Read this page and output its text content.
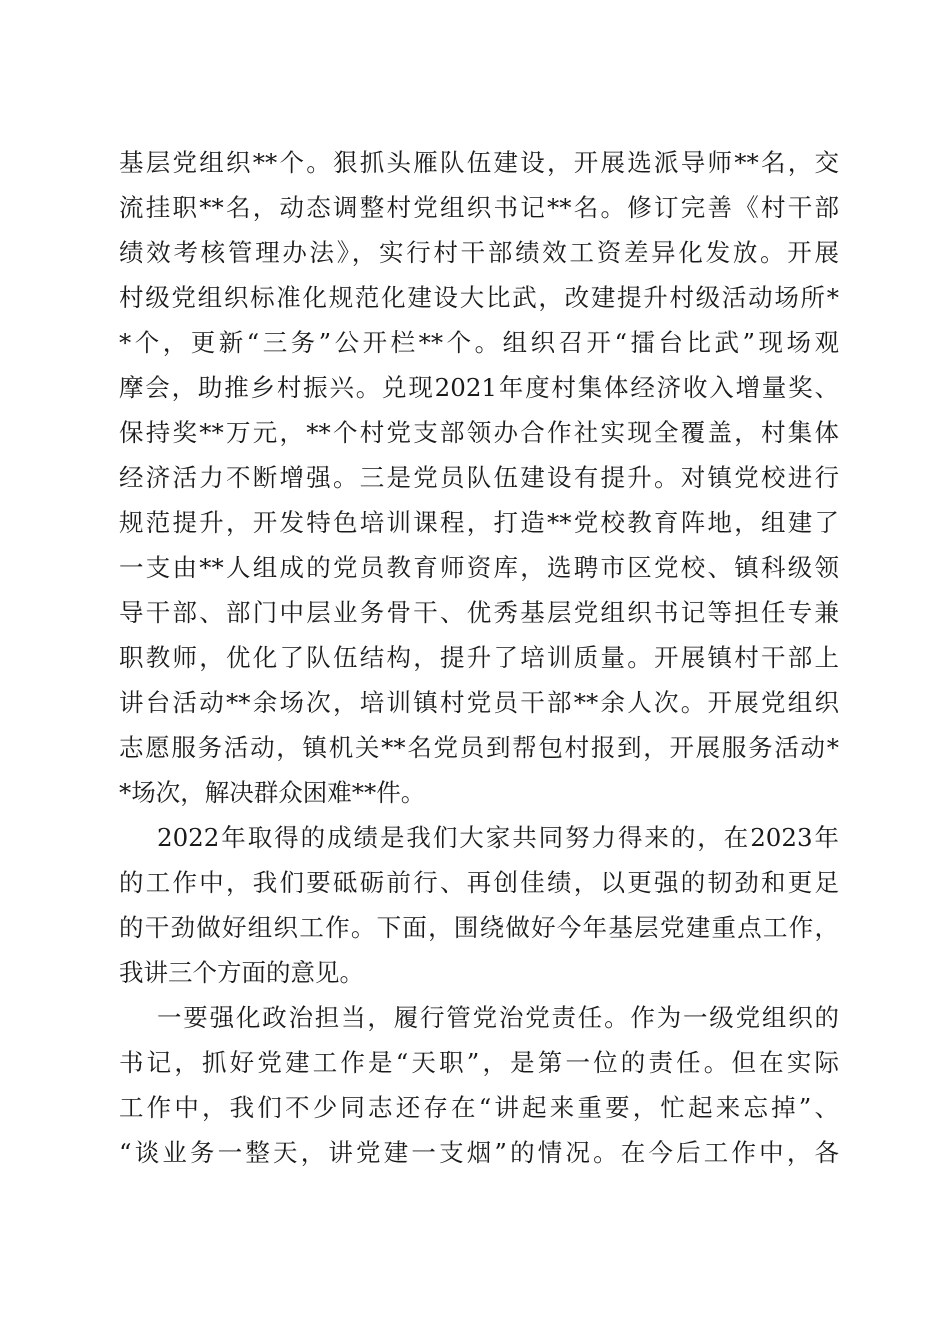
基层党组织**个。狠抓头雁队伍建设，开展选派导师**名，交
流挂职**名，动态调整村党组织书记**名。修订完善《村干部
绩效考核管理办法》，实行村干部绩效工资差异化发放。开展
村级党组织标准化规范化建设大比武，改建提升村级活动场所*
*个，更新“三务”公开栏**个。组织召开“擂台比武”现场观
摩会，助推乡村振兴。兑现2021年度村集体经济收入增量奖、
保持奖**万元，**个村党支部领办合作社实现全覆盖，村集体
经济活力不断增强。三是党员队伍建设有提升。对镇党校进行
规范提升，开发特色培训课程，打造**党校教育阵地，组建了
一支由**人组成的党员教育师资库，选聘市区党校、镇科级领
导干部、部门中层业务骨干、优秀基层党组织书记等担任专兼
职教师，优化了队伍结构，提升了培训质量。开展镇村干部上
讲台活动**余场次，培训镇村党员干部**余人次。开展党组织
志愿服务活动，镇机关**名党员到帮包村报到，开展服务活动*
*场次，解决群众困难**件。
2022年取得的成绩是我们大家共同努力得来的，在2023年
的工作中，我们要砥砺前行、再创佳绩，以更强的韧劲和更足
的干劲做好组织工作。下面，围绕做好今年基层党建重点工作，
我讲三个方面的意见。
一要强化政治担当，履行管党治党责任。作为一级党组织的
书记，抓好党建工作是“天职”，是第一位的责任。但在实际
工作中，我们不少同志还存在“讲起来重要，忙起来忘掉”、
“谈业务一整天，讲党建一支烟”的情况。在今后工作中，各
